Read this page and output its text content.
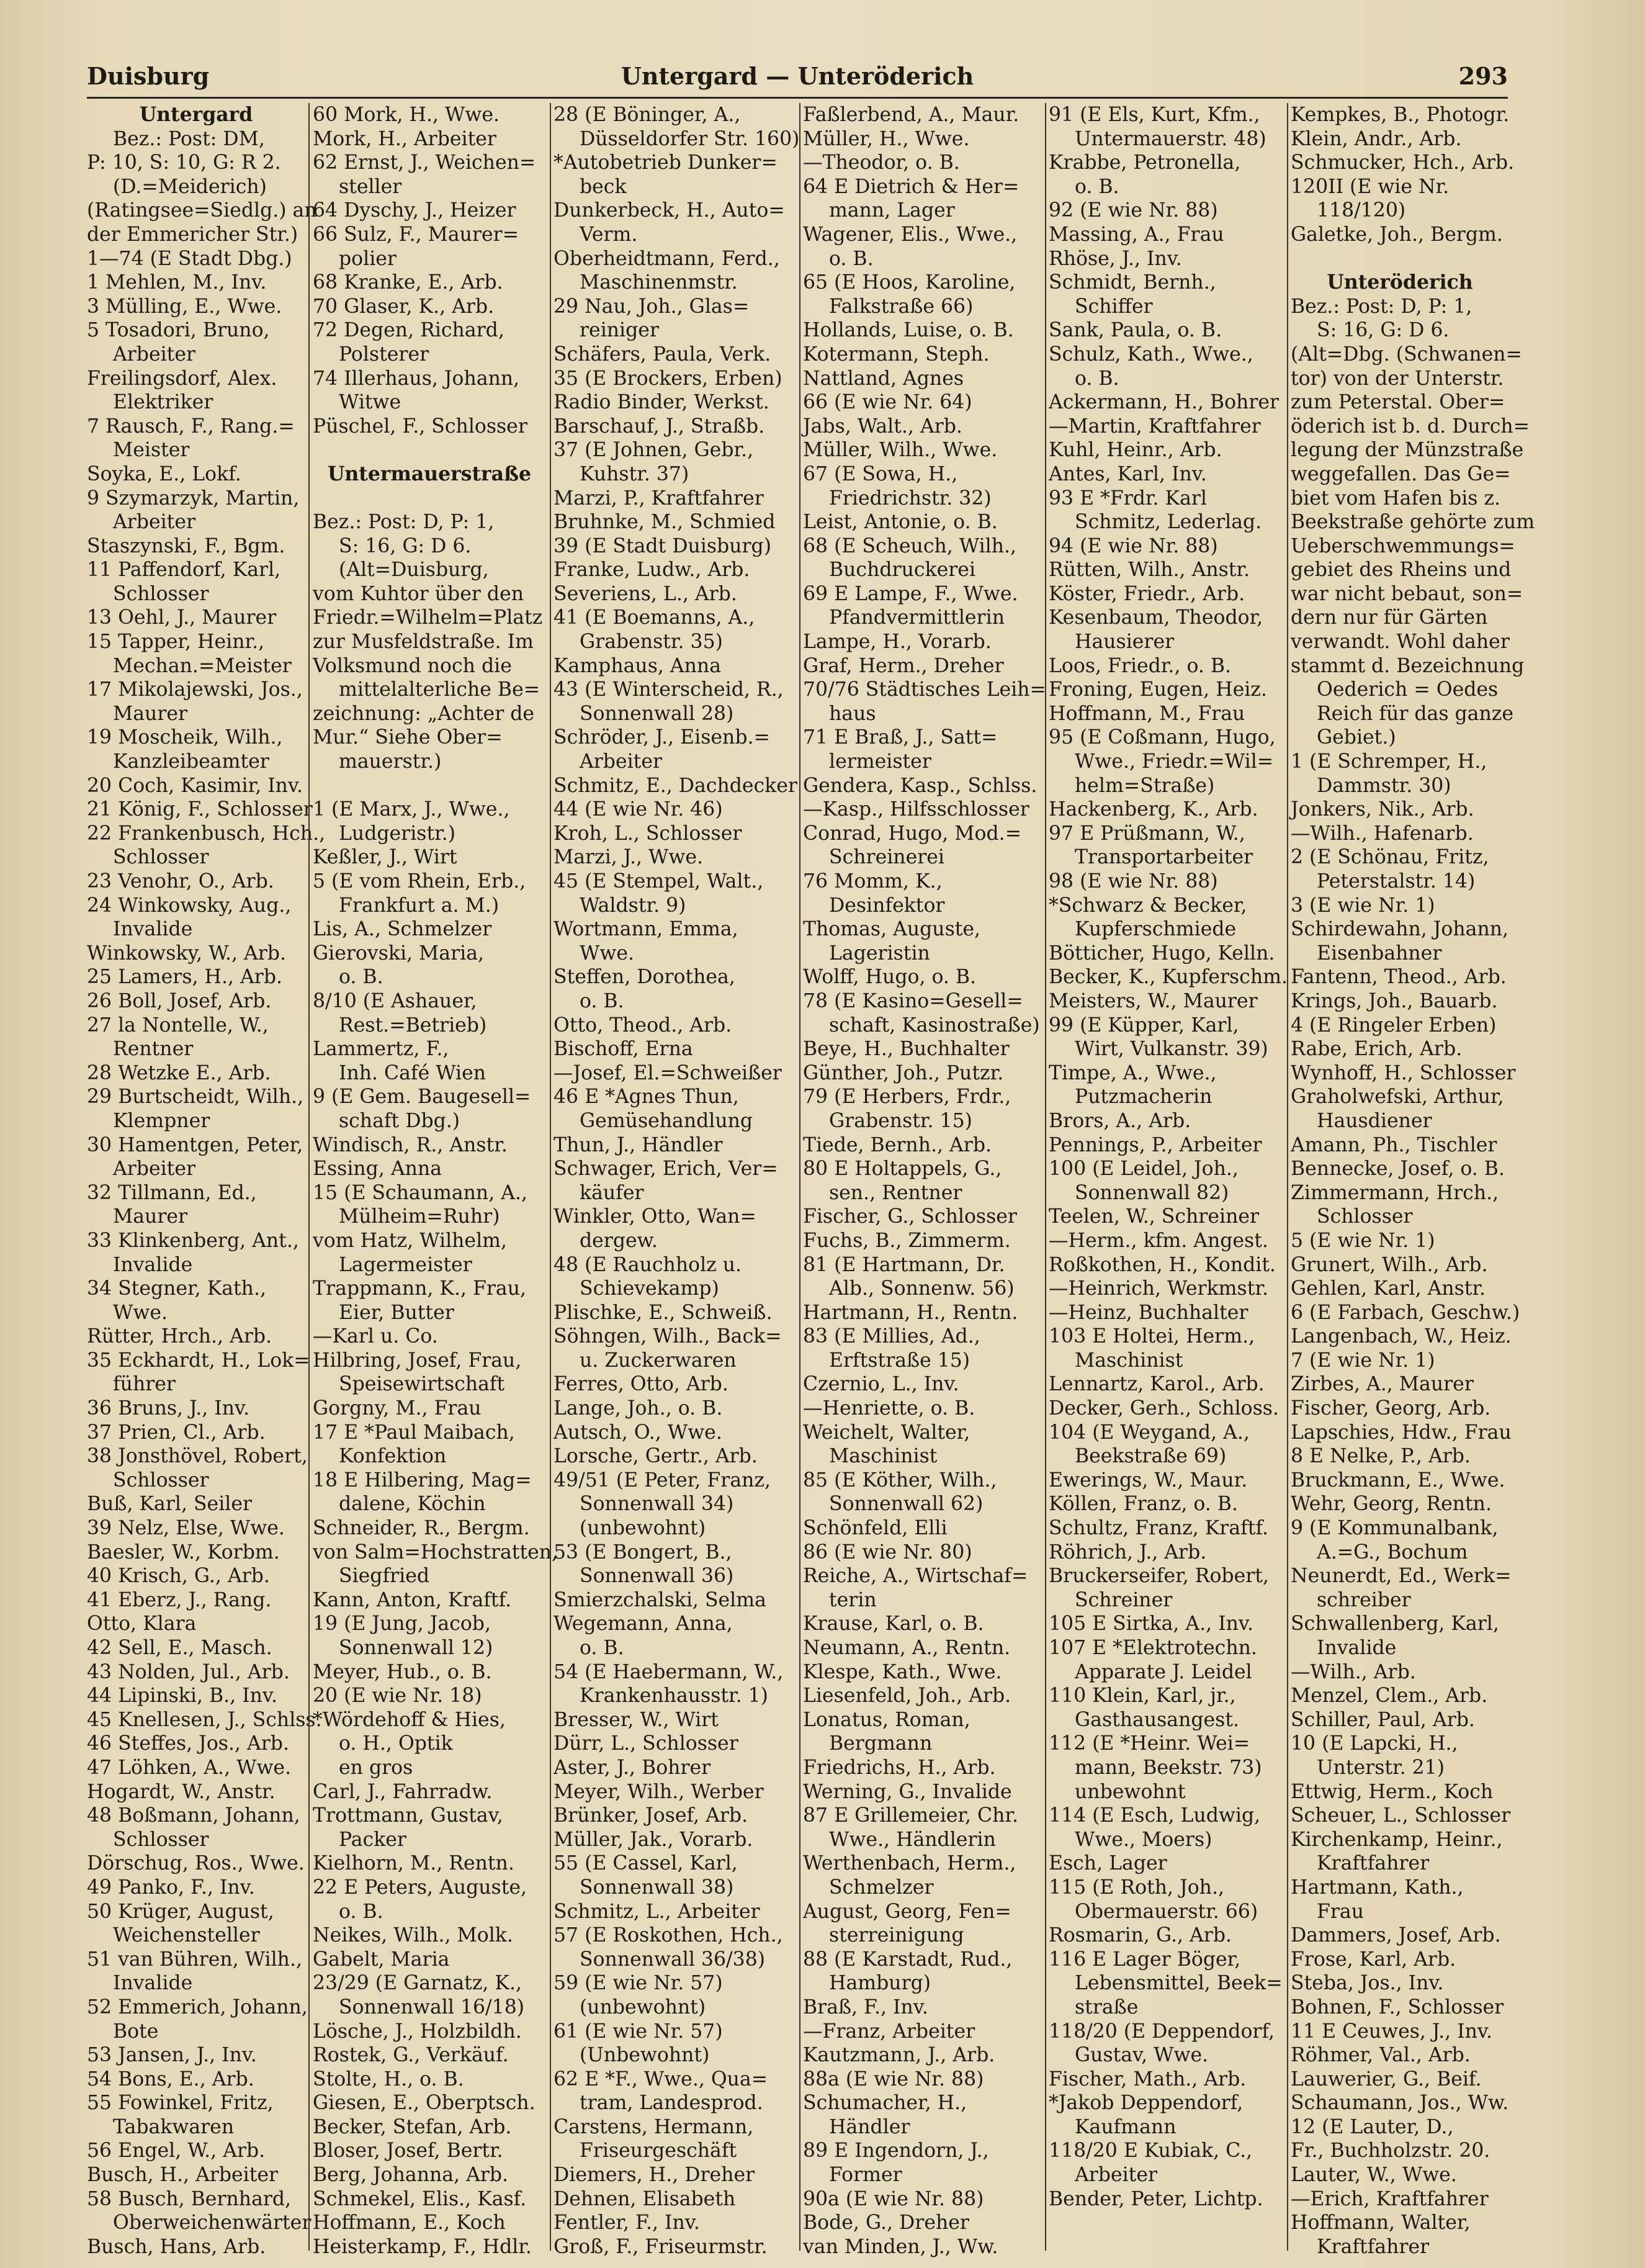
Duisburg	Untergard — Unteröderich	293
Untergard
Bez.: Post: DM,
P: 10, S: 10, G: R 2.
(D.=Meiderich)
(Ratingsee=Siedlg.) an
der Emmericher Str.)
1—74 (E Stadt Dbg.)
1 Mehlen, M., Inv.
3 Mülling, E., Wwe.
5 Tosadori, Bruno,
Arbeiter
Freilingsdorf, Alex.
Elektriker
7 Rausch, F., Rang.=
Meister
Soyka, E., Lokf.
9 Szymarzyk, Martin,
Arbeiter
Staszynski, F., Bgm.
11 Paffendorf, Karl,
Schlosser
13 Oehl, J., Maurer
15 Tapper, Heinr.,
Mechan.=Meister
17 Mikolajewski, Jos.,
Maurer
19 Moscheik, Wilh.,
Kanzleibeamter
20 Coch, Kasimir, Inv.
21 König, F., Schlosser
22 Frankenbusch, Hch.,
Schlosser
23 Venohr, O., Arb.
24 Winkowsky, Aug.,
Invalide
Winkowsky, W., Arb.
25 Lamers, H., Arb.
26 Boll, Josef, Arb.
27 la Nontelle, W.,
Rentner
28 Wetzke E., Arb.
29 Burtscheidt, Wilh.,
Klempner
30 Hamentgen, Peter,
Arbeiter
32 Tillmann, Ed.,
Maurer
33 Klinkenberg, Ant.,
Invalide
34 Stegner, Kath.,
Wwe.
Rütter, Hrch., Arb.
35 Eckhardt, H., Lok=
führer
36 Bruns, J., Inv.
37 Prien, Cl., Arb.
38 Jonsthövel, Robert,
Schlosser
Buß, Karl, Seiler
39 Nelz, Else, Wwe.
Baesler, W., Korbm.
40 Krisch, G., Arb.
41 Eberz, J., Rang.
Otto, Klara
42 Sell, E., Masch.
43 Nolden, Jul., Arb.
44 Lipinski, B., Inv.
45 Knellesen, J., Schlss.
46 Steffes, Jos., Arb.
47 Löhken, A., Wwe.
Hogardt, W., Anstr.
48 Boßmann, Johann,
Schlosser
Dörschug, Ros., Wwe.
49 Panko, F., Inv.
50 Krüger, August,
Weichensteller
51 van Bühren, Wilh.,
Invalide
52 Emmerich, Johann,
Bote
53 Jansen, J., Inv.
54 Bons, E., Arb.
55 Fowinkel, Fritz,
Tabakwaren
56 Engel, W., Arb.
Busch, H., Arbeiter
58 Busch, Bernhard,
Oberweichenwärter
Busch, Hans, Arb.
60 Mork, H., Wwe.
Mork, H., Arbeiter
62 Ernst, J., Weichen=
steller
64 Dyschy, J., Heizer
66 Sulz, F., Maurer=
polier
68 Kranke, E., Arb.
70 Glaser, K., Arb.
72 Degen, Richard,
Polsterer
74 Illerhaus, Johann,
Witwe
Püschel, F., Schlosser
Untermauerstraße
Bez.: Post: D, P: 1,
S: 16, G: D 6.
(Alt=Duisburg,
vom Kuhtor über den
Friedr.=Wilhelm=Platz
zur Musfeldstraße. Im
Volksmund noch die
mittelalterliche Be=
zeichnung: „Achter de
Mur.“ Siehe Ober=
mauerstr.)
1 (E Marx, J., Wwe.,
Ludgeristr.)
Keßler, J., Wirt
5 (E vom Rhein, Erb.,
Frankfurt a. M.)
Lis, A., Schmelzer
Gierovski, Maria,
o. B.
8/10 (E Ashauer,
Rest.=Betrieb)
Lammertz, F.,
Inh. Café Wien
9 (E Gem. Baugesell=
schaft Dbg.)
Windisch, R., Anstr.
Essing, Anna
15 (E Schaumann, A.,
Mülheim=Ruhr)
vom Hatz, Wilhelm,
Lagermeister
Trappmann, K., Frau,
Eier, Butter
—Karl u. Co.
Hilbring, Josef, Frau,
Speisewirtschaft
Gorgny, M., Frau
17 E *Paul Maibach,
Konfektion
18 E Hilbering, Mag=
dalene, Köchin
Schneider, R., Bergm.
von Salm=Hochstratten,
Siegfried
Kann, Anton, Kraftf.
19 (E Jung, Jacob,
Sonnenwall 12)
Meyer, Hub., o. B.
20 (E wie Nr. 18)
*Wördehoff & Hies,
o. H., Optik
en gros
Carl, J., Fahrradw.
Trottmann, Gustav,
Packer
Kielhorn, M., Rentn.
22 E Peters, Auguste,
o. B.
Neikes, Wilh., Molk.
Gabelt, Maria
23/29 (E Garnatz, K.,
Sonnenwall 16/18)
Lösche, J., Holzbildh.
Rostek, G., Verkäuf.
Stolte, H., o. B.
Giesen, E., Oberptsch.
Becker, Stefan, Arb.
Bloser, Josef, Bertr.
Berg, Johanna, Arb.
Schmekel, Elis., Kasf.
Hoffmann, E., Koch
Heisterkamp, F., Hdlr.
28 (E Böninger, A.,
Düsseldorfer Str. 160)
*Autobetrieb Dunker=
beck
Dunkerbeck, H., Auto=
Verm.
Oberheidtmann, Ferd.,
Maschinenmstr.
29 Nau, Joh., Glas=
reiniger
Schäfers, Paula, Verk.
35 (E Brockers, Erben)
Radio Binder, Werkst.
Barschauf, J., Straßb.
37 (E Johnen, Gebr.,
Kuhstr. 37)
Marzi, P., Kraftfahrer
Bruhnke, M., Schmied
39 (E Stadt Duisburg)
Franke, Ludw., Arb.
Severiens, L., Arb.
41 (E Boemanns, A.,
Grabenstr. 35)
Kamphaus, Anna
43 (E Winterscheid, R.,
Sonnenwall 28)
Schröder, J., Eisenb.=
Arbeiter
Schmitz, E., Dachdecker
44 (E wie Nr. 46)
Kroh, L., Schlosser
Marzi, J., Wwe.
45 (E Stempel, Walt.,
Waldstr. 9)
Wortmann, Emma,
Wwe.
Steffen, Dorothea,
o. B.
Otto, Theod., Arb.
Bischoff, Erna
—Josef, El.=Schweißer
46 E *Agnes Thun,
Gemüsehandlung
Thun, J., Händler
Schwager, Erich, Ver=
käufer
Winkler, Otto, Wan=
dergew.
48 (E Rauchholz u.
Schievekamp)
Plischke, E., Schweiß.
Söhngen, Wilh., Back=
u. Zuckerwaren
Ferres, Otto, Arb.
Lange, Joh., o. B.
Autsch, O., Wwe.
Lorsche, Gertr., Arb.
49/51 (E Peter, Franz,
Sonnenwall 34)
(unbewohnt)
53 (E Bongert, B.,
Sonnenwall 36)
Smierzchalski, Selma
Wegemann, Anna,
o. B.
54 (E Haebermann, W.,
Krankenhausstr. 1)
Bresser, W., Wirt
Dürr, L., Schlosser
Aster, J., Bohrer
Meyer, Wilh., Werber
Brünker, Josef, Arb.
Müller, Jak., Vorarb.
55 (E Cassel, Karl,
Sonnenwall 38)
Schmitz, L., Arbeiter
57 (E Roskothen, Hch.,
Sonnenwall 36/38)
59 (E wie Nr. 57)
(unbewohnt)
61 (E wie Nr. 57)
(Unbewohnt)
62 E *F., Wwe., Qua=
tram, Landesprod.
Carstens, Hermann,
Friseurgeschäft
Diemers, H., Dreher
Dehnen, Elisabeth
Fentler, F., Inv.
Groß, F., Friseurmstr.
Faßlerbend, A., Maur.
Müller, H., Wwe.
—Theodor, o. B.
64 E Dietrich & Her=
mann, Lager
Wagener, Elis., Wwe.,
o. B.
65 (E Hoos, Karoline,
Falkstraße 66)
Hollands, Luise, o. B.
Kotermann, Steph.
Nattland, Agnes
66 (E wie Nr. 64)
Jabs, Walt., Arb.
Müller, Wilh., Wwe.
67 (E Sowa, H.,
Friedrichstr. 32)
Leist, Antonie, o. B.
68 (E Scheuch, Wilh.,
Buchdruckerei
69 E Lampe, F., Wwe.
Pfandvermittlerin
Lampe, H., Vorarb.
Graf, Herm., Dreher
70/76 Städtisches Leih=
haus
71 E Braß, J., Satt=
lermeister
Gendera, Kasp., Schlss.
—Kasp., Hilfsschlosser
Conrad, Hugo, Mod.=
Schreinerei
76 Momm, K.,
Desinfektor
Thomas, Auguste,
Lageristin
Wolff, Hugo, o. B.
78 (E Kasino=Gesell=
schaft, Kasinostraße)
Beye, H., Buchhalter
Günther, Joh., Putzr.
79 (E Herbers, Frdr.,
Grabenstr. 15)
Tiede, Bernh., Arb.
80 E Holtappels, G.,
sen., Rentner
Fischer, G., Schlosser
Fuchs, B., Zimmerm.
81 (E Hartmann, Dr.
Alb., Sonnenw. 56)
Hartmann, H., Rentn.
83 (E Millies, Ad.,
Erftstraße 15)
Czernio, L., Inv.
—Henriette, o. B.
Weichelt, Walter,
Maschinist
85 (E Köther, Wilh.,
Sonnenwall 62)
Schönfeld, Elli
86 (E wie Nr. 80)
Reiche, A., Wirtschaf=
terin
Krause, Karl, o. B.
Neumann, A., Rentn.
Klespe, Kath., Wwe.
Liesenfeld, Joh., Arb.
Lonatus, Roman,
Bergmann
Friedrichs, H., Arb.
Werning, G., Invalide
87 E Grillemeier, Chr.
Wwe., Händlerin
Werthenbach, Herm.,
Schmelzer
August, Georg, Fen=
sterreinigung
88 (E Karstadt, Rud.,
Hamburg)
Braß, F., Inv.
—Franz, Arbeiter
Kautzmann, J., Arb.
88a (E wie Nr. 88)
Schumacher, H.,
Händler
89 E Ingendorn, J.,
Former
90a (E wie Nr. 88)
Bode, G., Dreher
van Minden, J., Ww.
91 (E Els, Kurt, Kfm.,
Untermauerstr. 48)
Krabbe, Petronella,
o. B.
92 (E wie Nr. 88)
Massing, A., Frau
Rhöse, J., Inv.
Schmidt, Bernh.,
Schiffer
Sank, Paula, o. B.
Schulz, Kath., Wwe.,
o. B.
Ackermann, H., Bohrer
—Martin, Kraftfahrer
Kuhl, Heinr., Arb.
Antes, Karl, Inv.
93 E *Frdr. Karl
Schmitz, Lederlag.
94 (E wie Nr. 88)
Rütten, Wilh., Anstr.
Köster, Friedr., Arb.
Kesenbaum, Theodor,
Hausierer
Loos, Friedr., o. B.
Froning, Eugen, Heiz.
Hoffmann, M., Frau
95 (E Coßmann, Hugo,
Wwe., Friedr.=Wil=
helm=Straße)
Hackenberg, K., Arb.
97 E Prüßmann, W.,
Transportarbeiter
98 (E wie Nr. 88)
*Schwarz & Becker,
Kupferschmiede
Bötticher, Hugo, Kelln.
Becker, K., Kupferschm.
Meisters, W., Maurer
99 (E Küpper, Karl,
Wirt, Vulkanstr. 39)
Timpe, A., Wwe.,
Putzmacherin
Brors, A., Arb.
Pennings, P., Arbeiter
100 (E Leidel, Joh.,
Sonnenwall 82)
Teelen, W., Schreiner
—Herm., kfm. Angest.
Roßkothen, H., Kondit.
—Heinrich, Werkmstr.
—Heinz, Buchhalter
103 E Holtei, Herm.,
Maschinist
Lennartz, Karol., Arb.
Decker, Gerh., Schloss.
104 (E Weygand, A.,
Beekstraße 69)
Ewerings, W., Maur.
Köllen, Franz, o. B.
Schultz, Franz, Kraftf.
Röhrich, J., Arb.
Bruckerseifer, Robert,
Schreiner
105 E Sirtka, A., Inv.
107 E *Elektrotechn.
Apparate J. Leidel
110 Klein, Karl, jr.,
Gasthausangest.
112 (E *Heinr. Wei=
mann, Beekstr. 73)
unbewohnt
114 (E Esch, Ludwig,
Wwe., Moers)
Esch, Lager
115 (E Roth, Joh.,
Obermauerstr. 66)
Rosmarin, G., Arb.
116 E Lager Böger,
Lebensmittel, Beek=
straße
118/20 (E Deppendorf,
Gustav, Wwe.
Fischer, Math., Arb.
*Jakob Deppendorf,
Kaufmann
118/20 E Kubiak, C.,
Arbeiter
Bender, Peter, Lichtp.
Kempkes, B., Photogr.
Klein, Andr., Arb.
Schmucker, Hch., Arb.
120II (E wie Nr.
118/120)
Galetke, Joh., Bergm.
Unteröderich
Bez.: Post: D, P: 1,
S: 16, G: D 6.
(Alt=Dbg. (Schwanen=
tor) von der Unterstr.
zum Peterstal. Ober=
öderich ist b. d. Durch=
legung der Münzstraße
weggefallen. Das Ge=
biet vom Hafen bis z.
Beekstraße gehörte zum
Ueberschwemmungs=
gebiet des Rheins und
war nicht bebaut, son=
dern nur für Gärten
verwandt. Wohl daher
stammt d. Bezeichnung
Oederich = Oedes
Reich für das ganze
Gebiet.)
1 (E Schremper, H.,
Dammstr. 30)
Jonkers, Nik., Arb.
—Wilh., Hafenarb.
2 (E Schönau, Fritz,
Peterstalstr. 14)
3 (E wie Nr. 1)
Schirdewahn, Johann,
Eisenbahner
Fantenn, Theod., Arb.
Krings, Joh., Bauarb.
4 (E Ringeler Erben)
Rabe, Erich, Arb.
Wynhoff, H., Schlosser
Graholwefski, Arthur,
Hausdiener
Amann, Ph., Tischler
Bennecke, Josef, o. B.
Zimmermann, Hrch.,
Schlosser
5 (E wie Nr. 1)
Grunert, Wilh., Arb.
Gehlen, Karl, Anstr.
6 (E Farbach, Geschw.)
Langenbach, W., Heiz.
7 (E wie Nr. 1)
Zirbes, A., Maurer
Fischer, Georg, Arb.
Lapschies, Hdw., Frau
8 E Nelke, P., Arb.
Bruckmann, E., Wwe.
Wehr, Georg, Rentn.
9 (E Kommunalbank,
A.=G., Bochum
Neunerdt, Ed., Werk=
schreiber
Schwallenberg, Karl,
Invalide
—Wilh., Arb.
Menzel, Clem., Arb.
Schiller, Paul, Arb.
10 (E Lapcki, H.,
Unterstr. 21)
Ettwig, Herm., Koch
Scheuer, L., Schlosser
Kirchenkamp, Heinr.,
Kraftfahrer
Hartmann, Kath.,
Frau
Dammers, Josef, Arb.
Frose, Karl, Arb.
Steba, Jos., Inv.
Bohnen, F., Schlosser
11 E Ceuwes, J., Inv.
Röhmer, Val., Arb.
Lauwerier, G., Beif.
Schaumann, Jos., Ww.
12 (E Lauter, D.,
Fr., Buchholzstr. 20.
Lauter, W., Wwe.
—Erich, Kraftfahrer
Hoffmann, Walter,
Kraftfahrer
